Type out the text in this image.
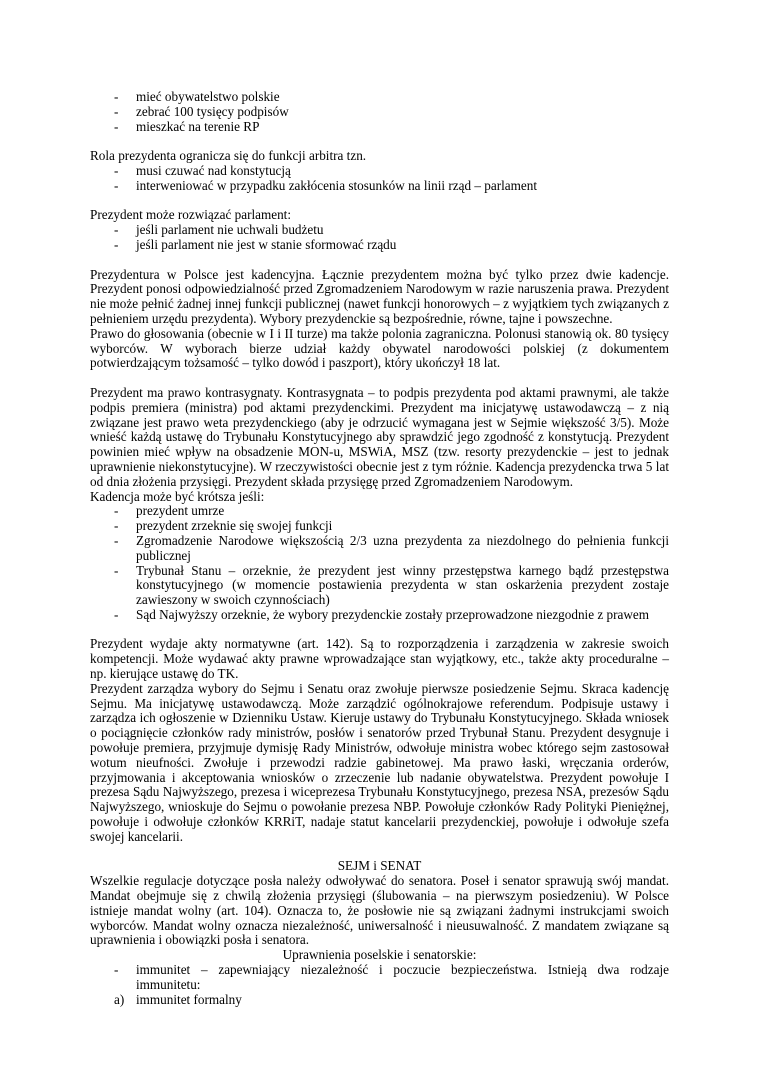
- mieć obywatelstwo polskie
- zebrać 100 tysięcy podpisów
- mieszkać na terenie RP

Rola prezydenta ogranicza się do funkcji arbitra tzn.

- musi czuwać nad konstytucją
- interweniować w przypadku zakłócenia stosunków na linii rząd – parlament

Prezydent może rozwiązać parlament:

- jeśli parlament nie uchwali budżetu
- jeśli parlament nie jest w stanie sformować rządu

Prezydentura w Polsce jest kadencyjna. Łącznie prezydentem można być tylko przez dwie kadencje. Prezydent ponosi odpowiedzialność przed Zgromadzeniem Narodowym w razie naruszenia prawa. Prezydent nie może pełnić żadnej innej funkcji publicznej (nawet funkcji honorowych – z wyjątkiem tych związanych z pełnieniem urzędu prezydenta). Wybory prezydenckie są bezpośrednie, równe, tajne i powszechne.

Prawo do głosowania (obecnie w I i II turze) ma także polonia zagraniczna. Polonusi stanowią ok. 80 tysięcy wyborców. W wyborach bierze udział każdy obywatel narodowości polskiej (z dokumentem potwierdzającym tożsamość – tylko dowód i paszport), który ukończył 18 lat.

Prezydent ma prawo kontrasygnaty. Kontrasygnata – to podpis prezydenta pod aktami prawnymi, ale także podpis premiera (ministra) pod aktami prezydenckimi. Prezydent ma inicjatywę ustawodawczą – z nią związane jest prawo weta prezydenckiego (aby je odrzucić wymagana jest w Sejmie większość 3/5). Może wnieść każdą ustawę do Trybunału Konstytucyjnego aby sprawdzić jego zgodność z konstytucją. Prezydent powinien mieć wpływ na obsadzenie MON-u, MSWiA, MSZ (tzw. resorty prezydenckie – jest to jednak uprawnienie niekonstytucyjne). W rzeczywistości obecnie jest z tym różnie. Kadencja prezydencka trwa 5 lat od dnia złożenia przysięgi. Prezydent składa przysięgę przed Zgromadzeniem Narodowym.

Kadencja może być krótsza jeśli:

- prezydent umrze
- prezydent zrzeknie się swojej funkcji
- Zgromadzenie Narodowe większością 2/3 uzna prezydenta za niezdolnego do pełnienia funkcji publicznej
- Trybunał Stanu – orzeknie, że prezydent jest winny przestępstwa karnego bądź przestępstwa konstytucyjnego (w momencie postawienia prezydenta w stan oskarżenia prezydent zostaje zawieszony w swoich czynnościach)
- Sąd Najwyższy orzeknie, że wybory prezydenckie zostały przeprowadzone niezgodnie z prawem

Prezydent wydaje akty normatywne (art. 142). Są to rozporządzenia i zarządzenia w zakresie swoich kompetencji. Może wydawać akty prawne wprowadzające stan wyjątkowy, etc., także akty proceduralne – np. kierujące ustawę do TK.

Prezydent zarządza wybory do Sejmu i Senatu oraz zwołuje pierwsze posiedzenie Sejmu. Skraca kadencję Sejmu. Ma inicjatywę ustawodawczą. Może zarządzić ogólnokrajowe referendum. Podpisuje ustawy i zarządza ich ogłoszenie w Dzienniku Ustaw. Kieruje ustawy do Trybunału Konstytucyjnego. Składa wniosek o pociągnięcie członków rady ministrów, posłów i senatorów przed Trybunał Stanu. Prezydent desygnuje i powołuje premiera, przyjmuje dymisję Rady Ministrów, odwołuje ministra wobec którego sejm zastosował wotum nieufności. Zwołuje i przewodzi radzie gabinetowej. Ma prawo łaski, wręczania orderów, przyjmowania i akceptowania wniosków o zrzeczenie lub nadanie obywatelstwa. Prezydent powołuje I prezesa Sądu Najwyższego, prezesa i wiceprezesa Trybunału Konstytucyjnego, prezesa NSA, prezesów Sądu Najwyższego, wnioskuje do Sejmu o powołanie prezesa NBP. Powołuje członków Rady Polityki Pieniężnej, powołuje i odwołuje członków KRRiT, nadaje statut kancelarii prezydenckiej, powołuje i odwołuje szefa swojej kancelarii.

SEJM i SENAT

Wszelkie regulacje dotyczące posła należy odwoływać do senatora. Poseł i senator sprawują swój mandat. Mandat obejmuje się z chwilą złożenia przysięgi (ślubowania – na pierwszym posiedzeniu). W Polsce istnieje mandat wolny (art. 104). Oznacza to, że posłowie nie są związani żadnymi instrukcjami swoich wyborców. Mandat wolny oznacza niezależność, uniwersalność i nieusuwalność. Z mandatem związane są uprawnienia i obowiązki posła i senatora.

Uprawnienia poselskie i senatorskie:

- immunitet – zapewniający niezależność i poczucie bezpieczeństwa. Istnieją dwa rodzaje immunitetu:
a) immunitet formalny
